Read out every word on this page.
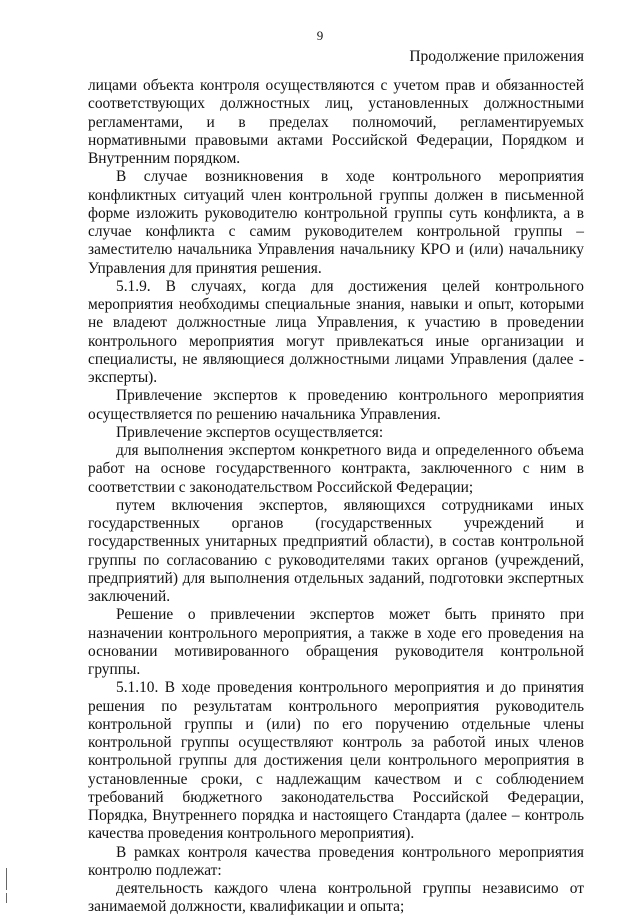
9
Продолжение приложения

лицами объекта контроля осуществляются с учетом прав и обязанностей соответствующих должностных лиц, установленных должностными регламентами, и в пределах полномочий, регламентируемых нормативными правовыми актами Российской Федерации, Порядком и Внутренним порядком.

В случае возникновения в ходе контрольного мероприятия конфликтных ситуаций член контрольной группы должен в письменной форме изложить руководителю контрольной группы суть конфликта, а в случае конфликта с самим руководителем контрольной группы – заместителю начальника Управления начальнику КРО и (или) начальнику Управления для принятия решения.

5.1.9. В случаях, когда для достижения целей контрольного мероприятия необходимы специальные знания, навыки и опыт, которыми не владеют должностные лица Управления, к участию в проведении контрольного мероприятия могут привлекаться иные организации и специалисты, не являющиеся должностными лицами Управления (далее - эксперты).

Привлечение экспертов к проведению контрольного мероприятия осуществляется по решению начальника Управления.

Привлечение экспертов осуществляется:

для выполнения экспертом конкретного вида и определенного объема работ на основе государственного контракта, заключенного с ним в соответствии с законодательством Российской Федерации;

путем включения экспертов, являющихся сотрудниками иных государственных органов (государственных учреждений и государственных унитарных предприятий области), в состав контрольной группы по согласованию с руководителями таких органов (учреждений, предприятий) для выполнения отдельных заданий, подготовки экспертных заключений.

Решение о привлечении экспертов может быть принято при назначении контрольного мероприятия, а также в ходе его проведения на основании мотивированного обращения руководителя контрольной группы.

5.1.10. В ходе проведения контрольного мероприятия и до принятия решения по результатам контрольного мероприятия руководитель контрольной группы и (или) по его поручению отдельные члены контрольной группы осуществляют контроль за работой иных членов контрольной группы для достижения цели контрольного мероприятия в установленные сроки, с надлежащим качеством и с соблюдением требований бюджетного законодательства Российской Федерации, Порядка, Внутреннего порядка и настоящего Стандарта (далее – контроль качества проведения контрольного мероприятия).

В рамках контроля качества проведения контрольного мероприятия контролю подлежат:

деятельность каждого члена контрольной группы независимо от занимаемой должности, квалификации и опыта;
